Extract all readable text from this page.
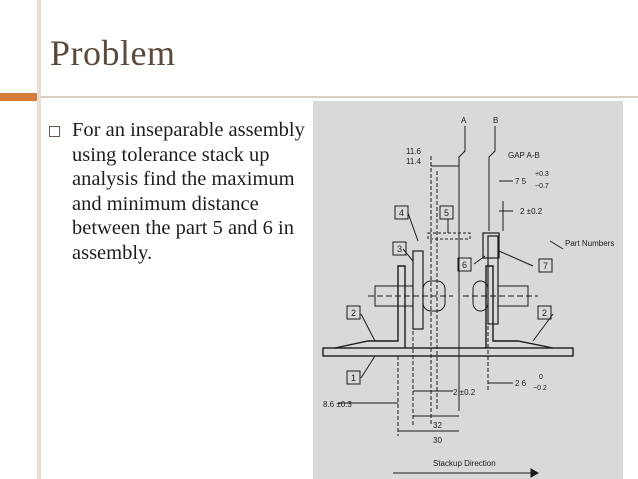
Problem
For an inseparable assembly using tolerance stack up analysis find the maximum and minimum distance between the part 5 and 6 in assembly.
4	5
3
6	7
2	2
1
A	B
GAP A-B
11.6
11.4
7 5
+0.3
−0.7
2 ±0.2
Part Numbers
2 ±0.2
2 6
0
−0 2
8.6 ±0.3
32
30
Stackup Direction
